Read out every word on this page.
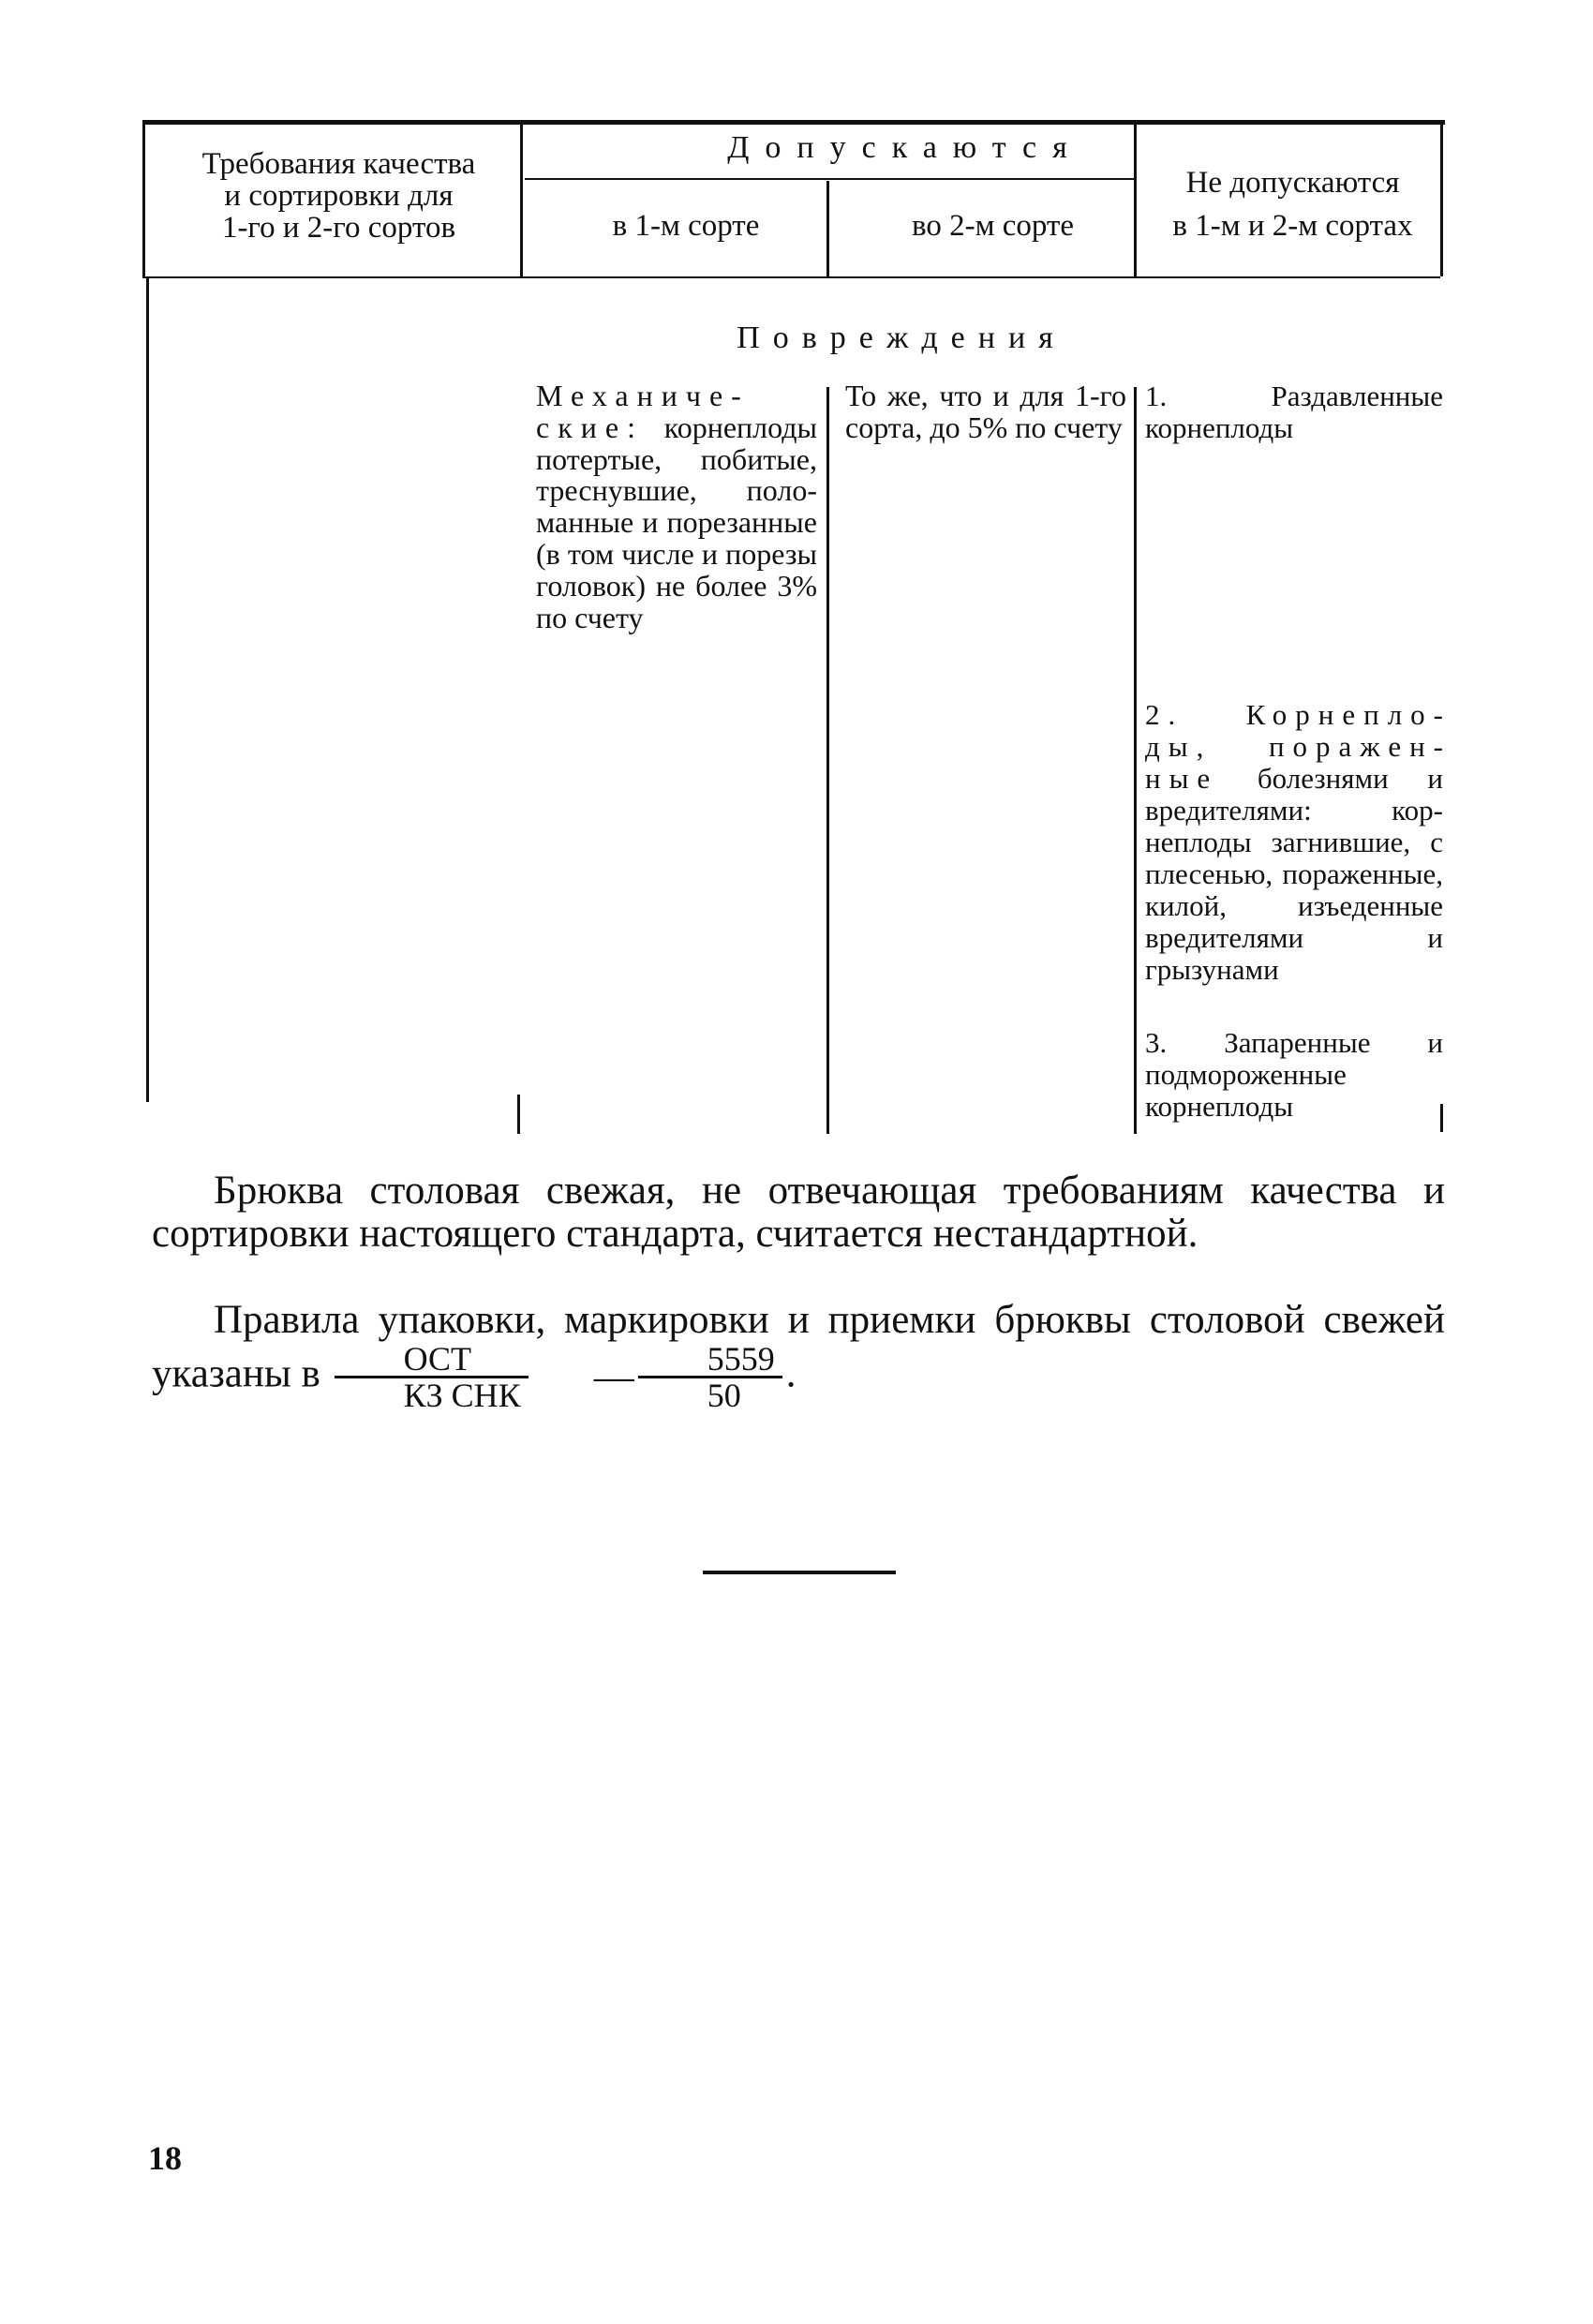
Требования качества
и сортировки для
1-го и 2-го сортов
Допускаются
в 1-м сорте	во 2-м сорте
Не допускаются
в 1-м и 2-м сортах
Повреждения
Механиче- ские: корнеплоды потертые, побитые, треснувшие, поломанные и порезанные (в том числе и порезы головок) не более 3% по счету
То же, что и для 1-го сорта, до 5% по счету
1. Раздавленные корнеплоды
2. Корнеплоды, пораженные болезнями и вредителями: корнеплоды загнившие, с плесенью, пораженные, килой, изъеденные вредителями и грызунами
3. Запаренные и подмороженные корнеплоды
Брюква столовая свежая, не отвечающая требованиям качества и сортировки настоящего стандарта, считается нестандартной.
Правила упаковки, маркировки и приемки брюквы столовой свежей указаны в $\frac{\text{ОСТ}}{\text{КЗ СНК}}$ — $\frac{5559}{50}$ .
18
